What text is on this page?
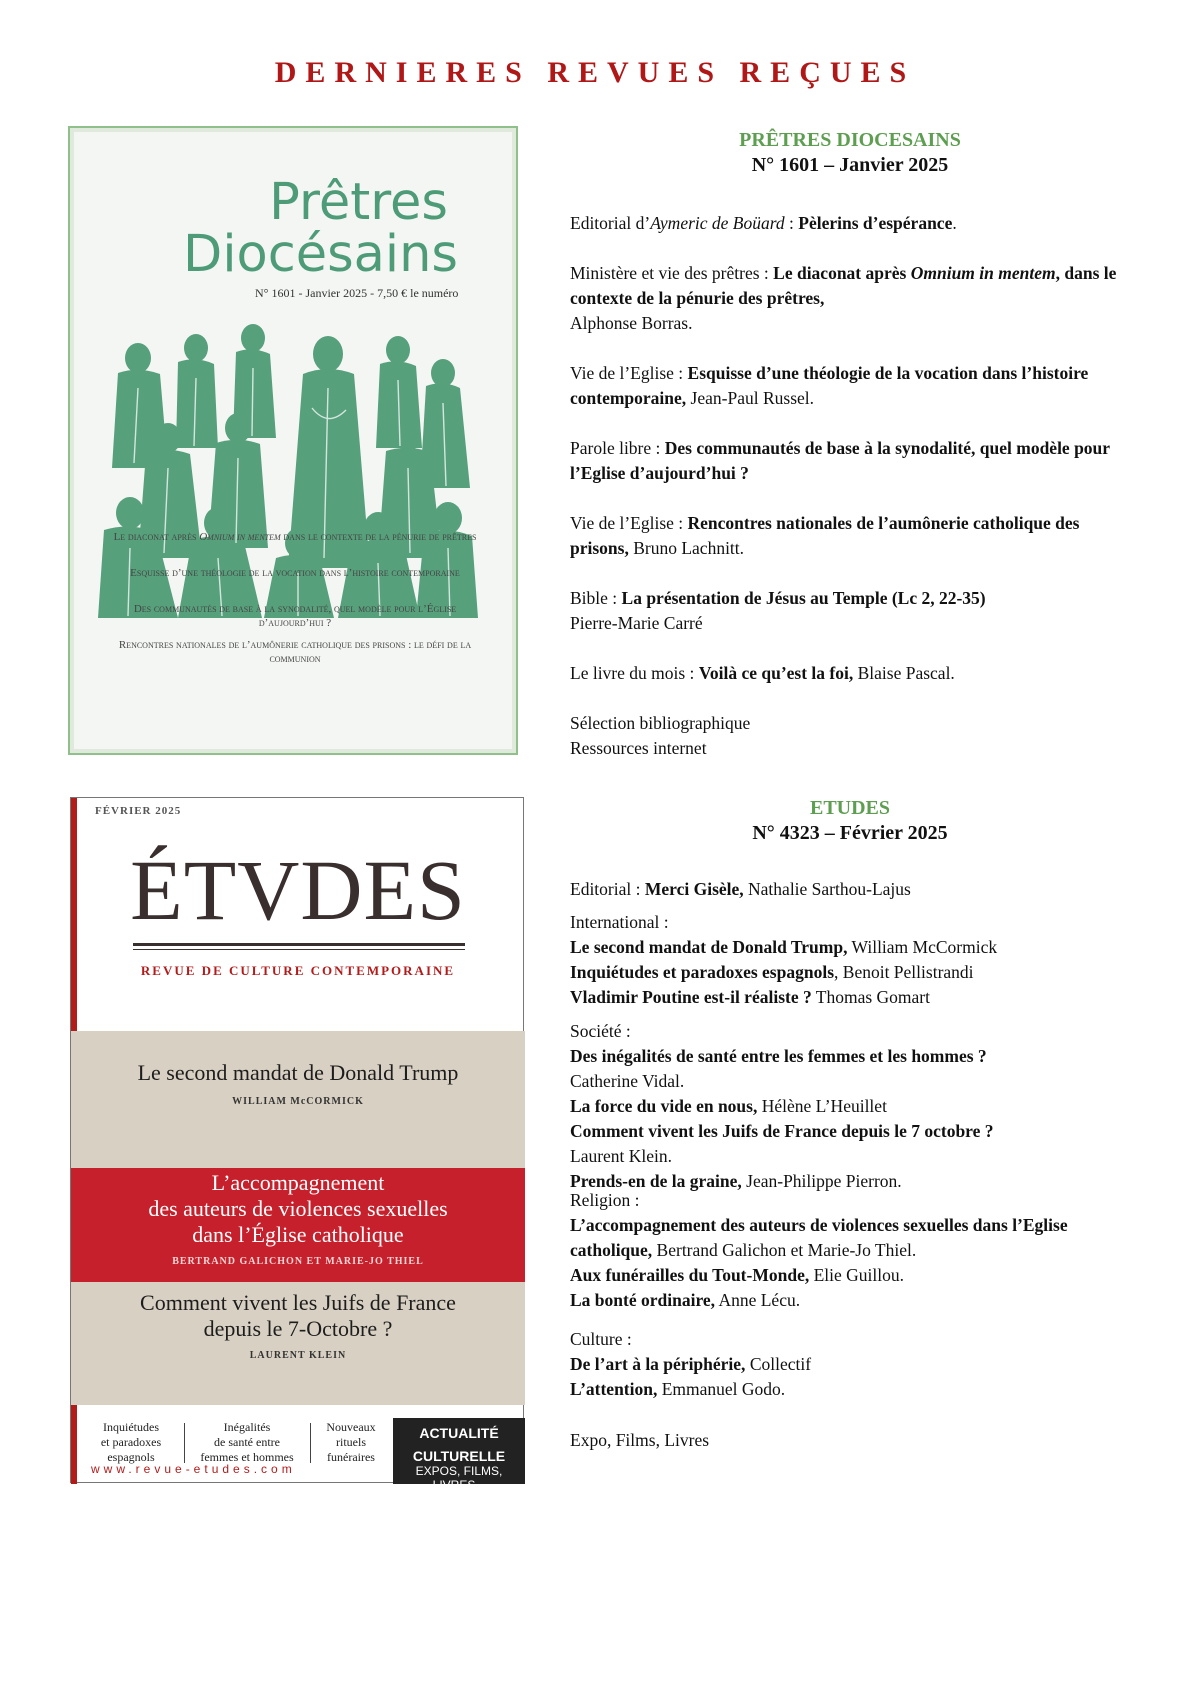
DERNIERES REVUES REÇUES
Prêtres
Diocésains
N° 1601 - Janvier 2025 - 7,50 € le numéro
Le diaconat après Omnium in mentem dans le contexte de la pénurie de prêtres
Esquisse d’une théologie de la vocation dans l’histoire contemporaine
Des communautés de base à la synodalité, quel modèle pour l’Église d’aujourd’hui ?
Rencontres nationales de l’aumônerie catholique des prisons : le défi de la communion
FÉVRIER 2025
ÉTVDES
REVUE DE CULTURE CONTEMPORAINE
Le second mandat de Donald Trump
WILLIAM McCORMICK
L’accompagnement
des auteurs de violences sexuelles
dans l’Église catholique
BERTRAND GALICHON ET MARIE-JO THIEL
Comment vivent les Juifs de France
depuis le 7-Octobre ?
LAURENT KLEIN
Inquiétudes
et paradoxes
espagnols
Inégalités
de santé entre
femmes et hommes
Nouveaux
rituels
funéraires
ACTUALITÉ
CULTURELLE
EXPOS, FILMS,
LIVRES...
www.revue-etudes.com
PRÊTRES DIOCESAINS
N° 1601 – Janvier 2025
Editorial d’Aymeric de Boüard : Pèlerins d’espérance.
Ministère et vie des prêtres : Le diaconat après Omnium in mentem, dans le contexte de la pénurie des prêtres,
Alphonse Borras.
Vie de l’Eglise : Esquisse d’une théologie de la vocation dans l’histoire contemporaine, Jean-Paul Russel.
Parole libre : Des communautés de base à la synodalité, quel modèle pour l’Eglise d’aujourd’hui ?
Vie de l’Eglise : Rencontres nationales de l’aumônerie catholique des prisons, Bruno Lachnitt.
Bible : La présentation de Jésus au Temple (Lc 2, 22-35)
Pierre-Marie Carré
Le livre du mois : Voilà ce qu’est la foi, Blaise Pascal.
Sélection bibliographique
Ressources internet
ETUDES
N° 4323 – Février 2025
Editorial : Merci Gisèle, Nathalie Sarthou-Lajus
International :
Le second mandat de Donald Trump, William McCormick
Inquiétudes et paradoxes espagnols, Benoit Pellistrandi
Vladimir Poutine est-il réaliste ? Thomas Gomart
Société :
Des inégalités de santé entre les femmes et les hommes ?
Catherine Vidal.
La force du vide en nous, Hélène L’Heuillet
Comment vivent les Juifs de France depuis le 7 octobre ?
Laurent Klein.
Prends-en de la graine, Jean-Philippe Pierron.
Religion :
L’accompagnement des auteurs de violences sexuelles dans l’Eglise catholique, Bertrand Galichon et Marie-Jo Thiel.
Aux funérailles du Tout-Monde, Elie Guillou.
La bonté ordinaire, Anne Lécu.
Culture :
De l’art à la périphérie, Collectif
L’attention, Emmanuel Godo.
Expo, Films, Livres
